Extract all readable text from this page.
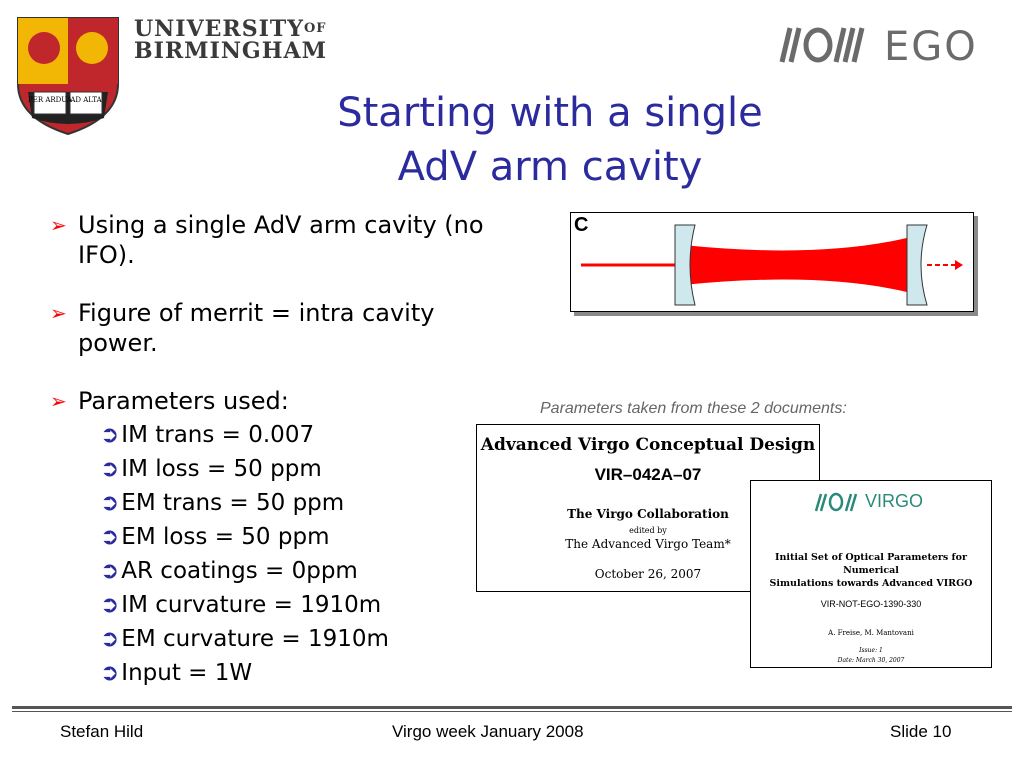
PER ARDUA
AD ALTA
$UNIVERSITY^{OF}$
BIRMINGHAM	EGO
Starting with a single
AdV arm cavity
➢ Using a single AdV arm cavity (no IFO).
➢ Figure of merrit = intra cavity power.
➢ Parameters used:
➲IM trans = 0.007
➲IM loss = 50 ppm
➲EM trans = 50 ppm
➲EM loss = 50 ppm
➲AR coatings = 0ppm
➲IM curvature = 1910m
➲EM curvature = 1910m
➲Input = 1W
C
Parameters taken from these 2 documents:
Advanced Virgo Conceptual Design
VIR–042A–07
The Virgo Collaboration
edited by
The Advanced Virgo Team*
October 26, 2007
VIRGO
Initial Set of Optical Parameters for Numerical
Simulations towards Advanced VIRGO
VIR-NOT-EGO-1390-330
A. Freise, M. Mantovani
Issue: 1
Date: March 30, 2007
Stefan Hild	Virgo week January 2008	Slide 10
